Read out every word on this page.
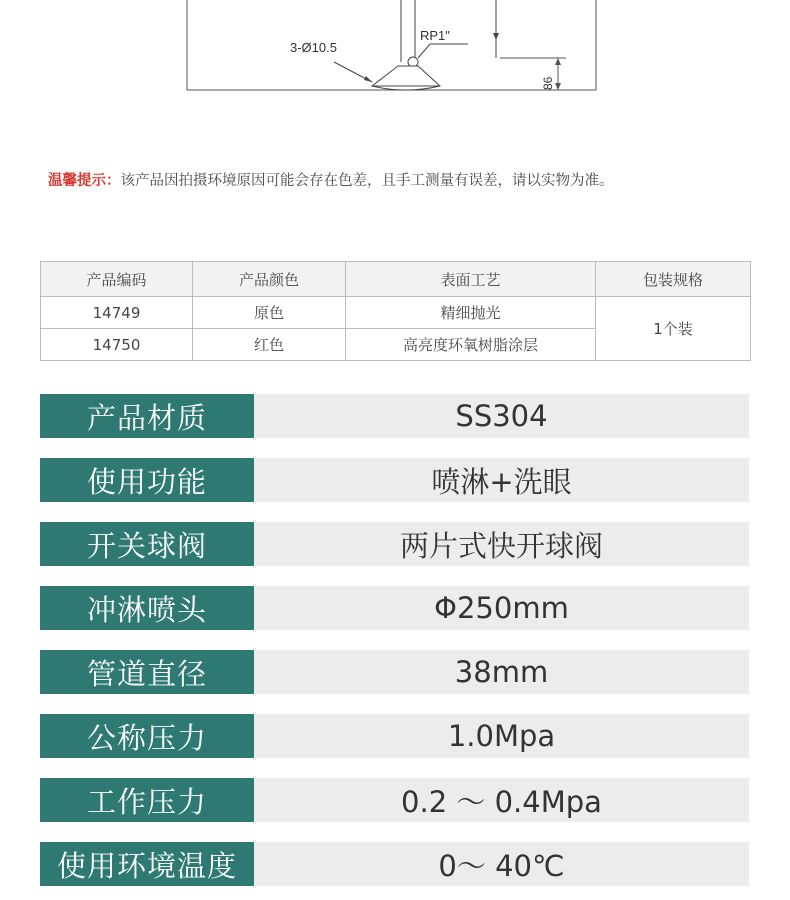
3-Ø10.5
RP1"
86
温馨提示：该产品因拍摄环境原因可能会存在色差，且手工测量有误差，请以实物为准。
产品编码	产品颜色	表面工艺	包装规格
14749	原色	精细抛光	1个装
14750	红色	高亮度环氧树脂涂层	
产品材质	SS304
使用功能	喷淋+洗眼
开关球阀	两片式快开球阀
冲淋喷头	Φ250mm
管道直径	38mm
公称压力	1.0Mpa
工作压力	0.2 ～ 0.4Mpa
使用环境温度	0～ 40℃
